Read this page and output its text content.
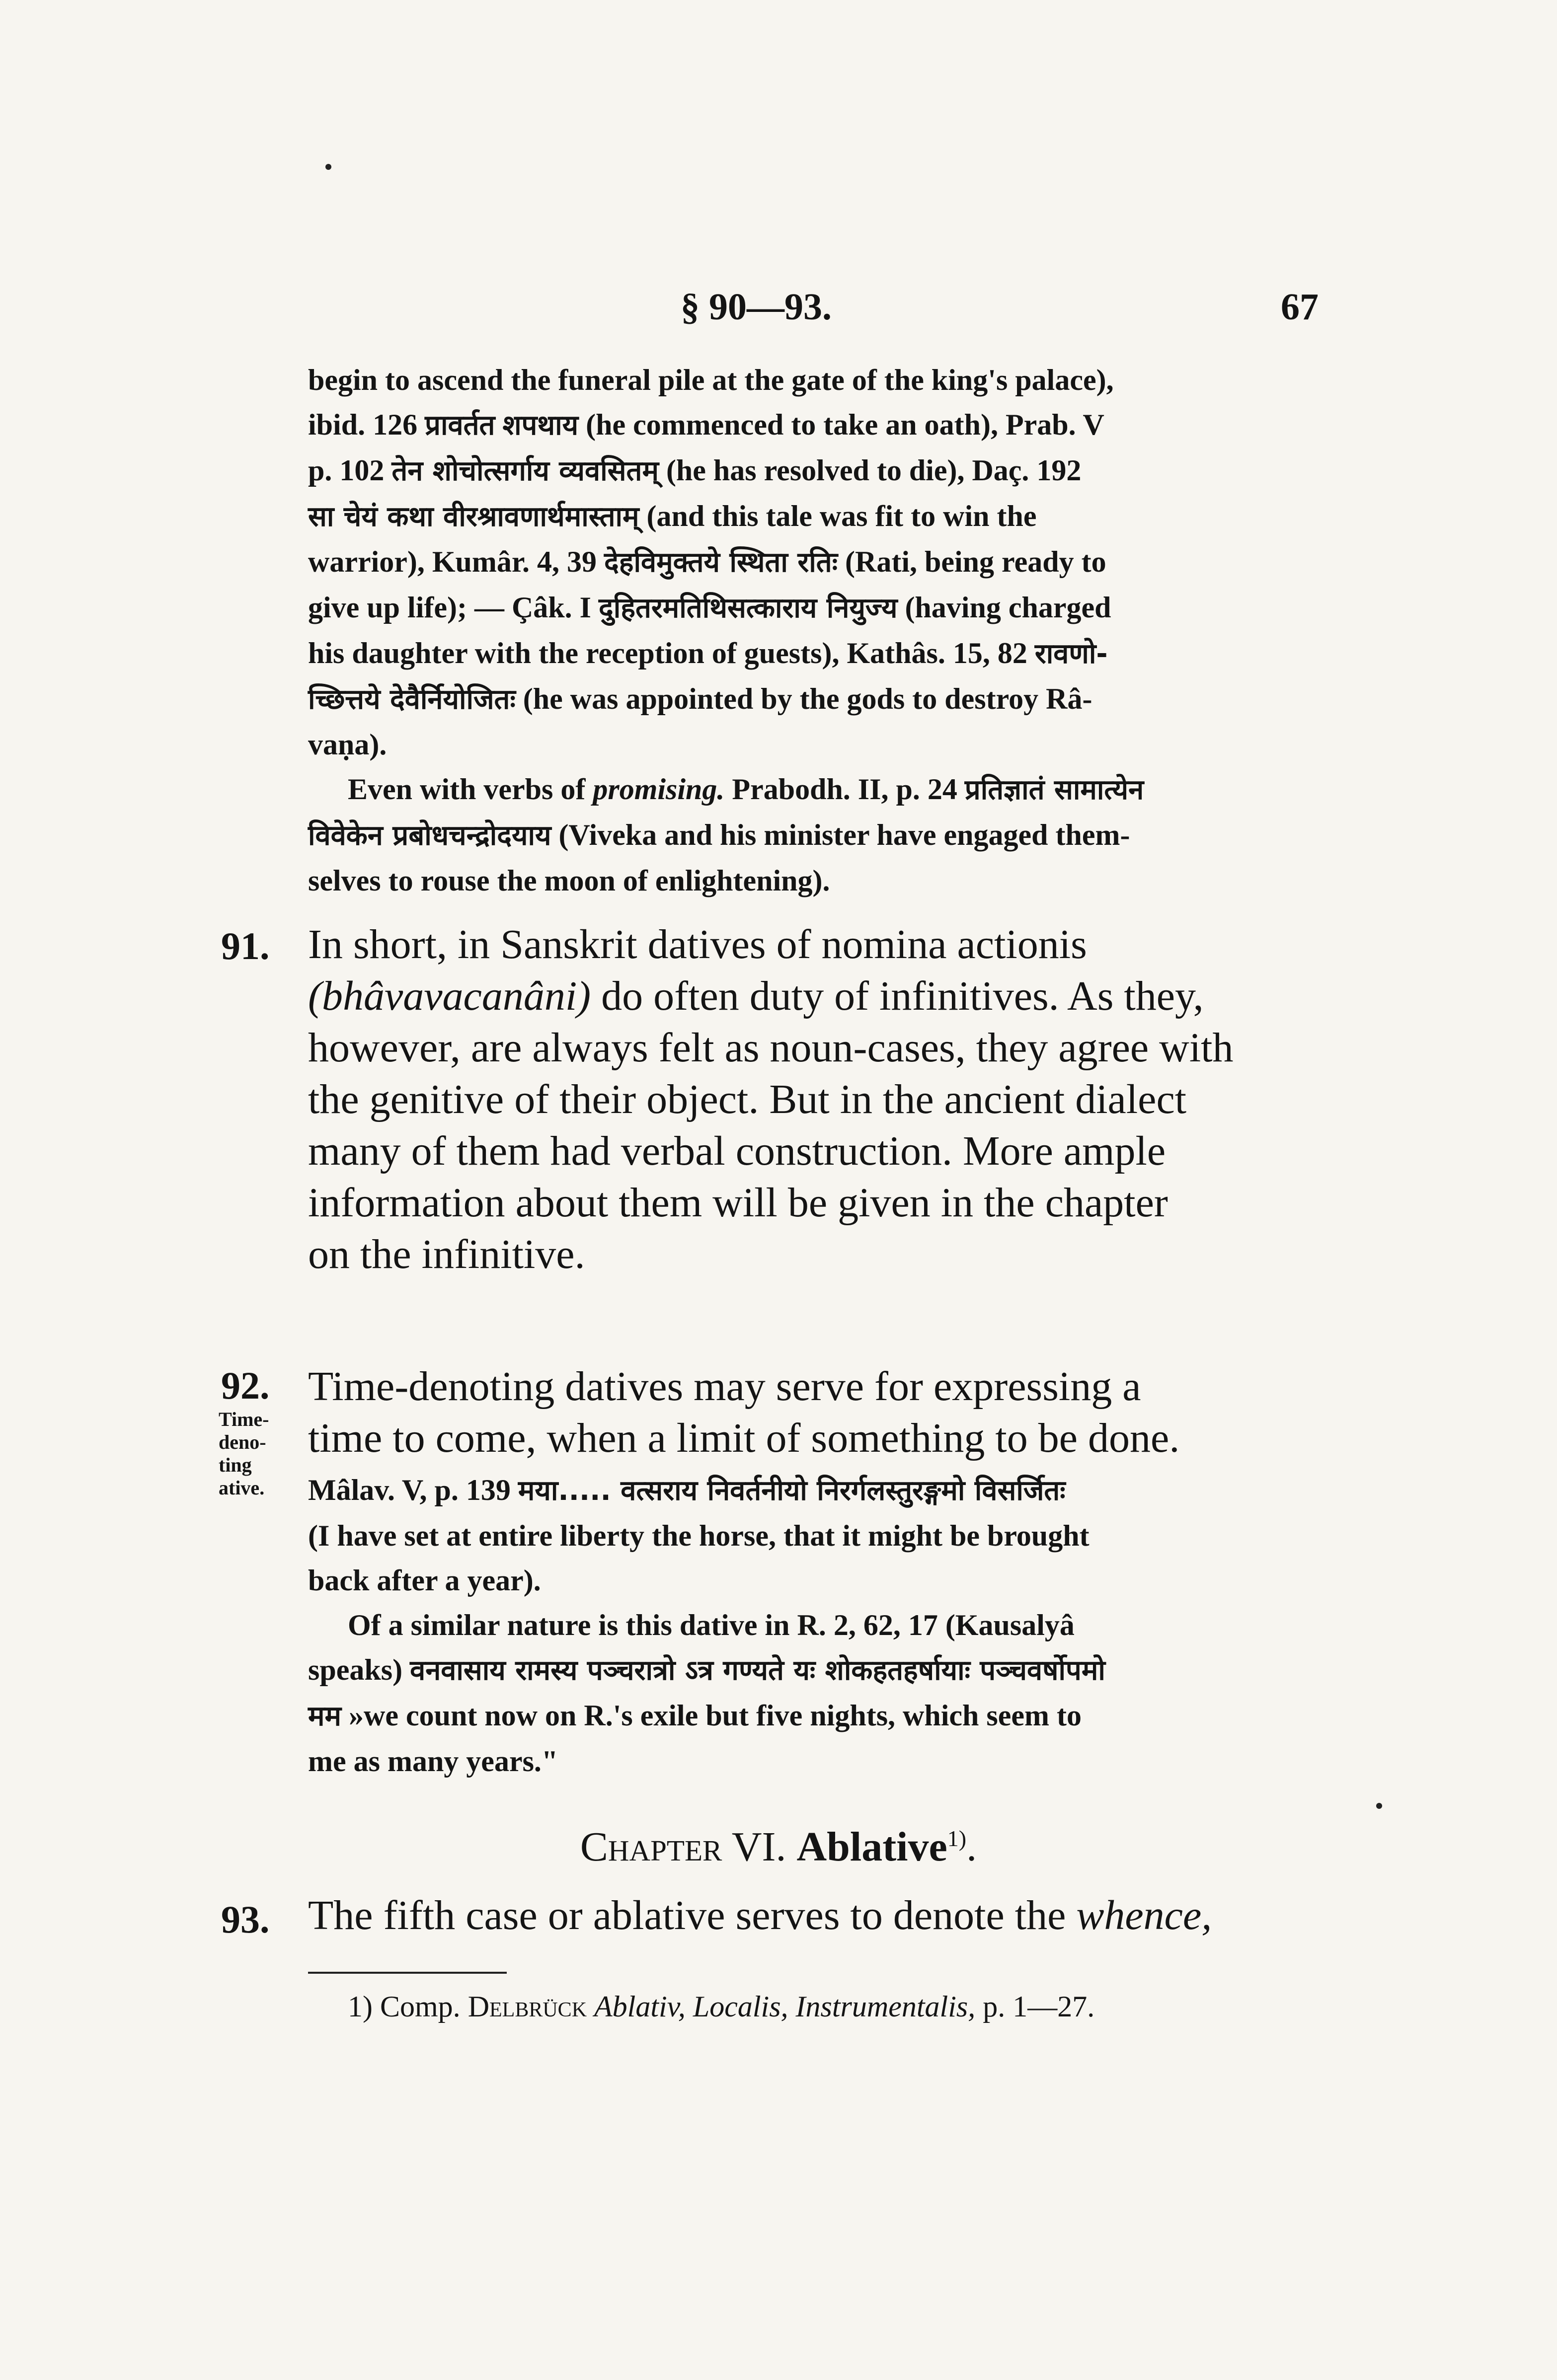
§ 90—93.	67

begin to ascend the funeral pile at the gate of the king's palace),

ibid. 126 प्रावर्तत शपथाय (he commenced to take an oath), Prab. V

p. 102 तेन शोचोत्सर्गाय व्यवसितम् (he has resolved to die), Daç. 192

सा चेयं कथा वीरश्रावणार्थमास्ताम् (and this tale was fit to win the

warrior), Kumâr. 4, 39 देहविमुक्तये स्थिता रतिः (Rati, being ready to

give up life); — Çâk. I दुहितरमतिथिसत्काराय नियुज्य (having charged

his daughter with the reception of guests), Kathâs. 15, 82 रावणो-

च्छित्तये देवैर्नियोजितः (he was appointed by the gods to destroy Râ-

vaṇa).

Even with verbs of promising. Prabodh. II, p. 24 प्रतिज्ञातं सामात्येन

विवेकेन प्रबोधचन्द्रोदयाय (Viveka and his minister have engaged them-

selves to rouse the moon of enlightening).

91. In short, in Sanskrit datives of nomina actionis

(bhâvavacanâni) do often duty of infinitives. As they,

however, are always felt as noun-cases, they agree with

the genitive of their object. But in the ancient dialect

many of them had verbal construction. More ample

information about them will be given in the chapter

on the infinitive.

92.
Time-
deno-
ting
ative.

Time-denoting datives may serve for expressing a

time to come, when a limit of something to be done.

Mâlav. V, p. 139 मया..... वत्सराय निवर्तनीयो निरर्गलस्तुरङ्गमो विसर्जितः

(I have set at entire liberty the horse, that it might be brought

back after a year).

Of a similar nature is this dative in R. 2, 62, 17 (Kausalyâ

speaks) वनवासाय रामस्य पञ्चरात्रो ऽत्र गण्यते यः शोकहतहर्षायाः पञ्चवर्षोपमो

मम »we count now on R.'s exile but five nights, which seem to

me as many years."

Chapter VI. Ablative$^{1)}$.
93. The fifth case or ablative serves to denote the whence,

1) Comp. Delbrück Ablativ, Localis, Instrumentalis, p. 1—27.
